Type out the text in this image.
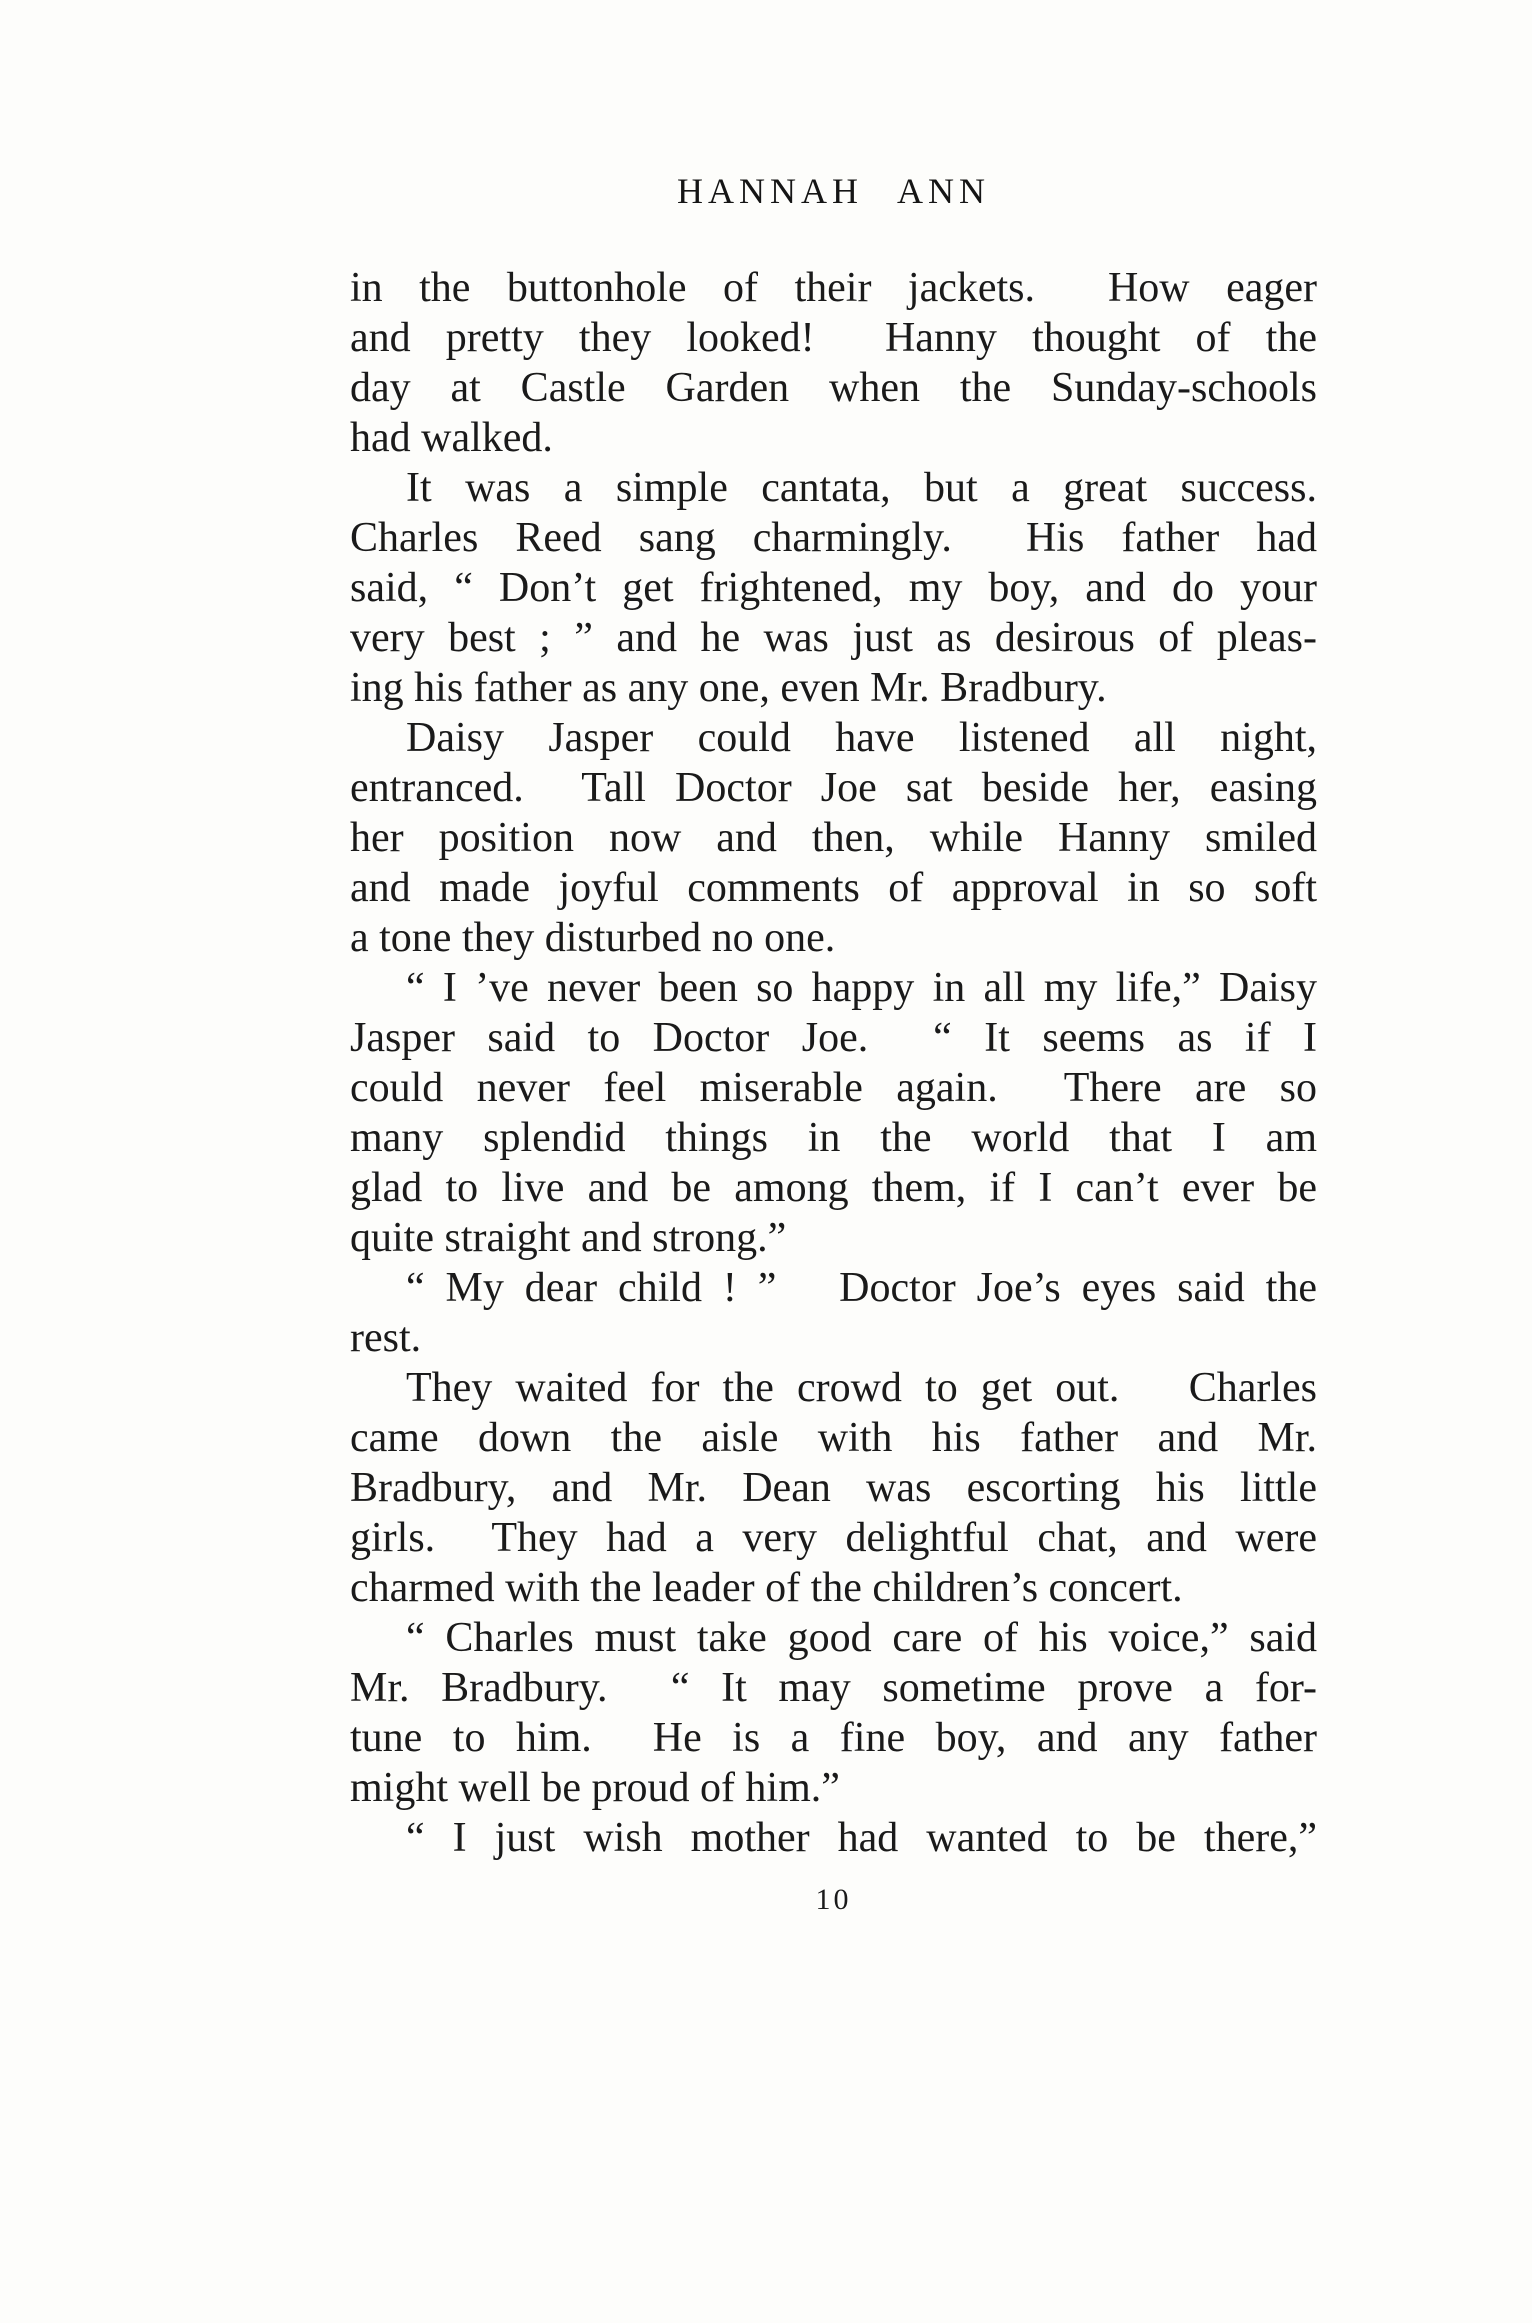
HANNAH ANN
in the buttonhole of their jackets.  How eager
and pretty they looked!  Hanny thought of the
day at Castle Garden when the Sunday-schools
had walked.
It was a simple cantata, but a great success.
Charles Reed sang charmingly.  His father had
said, “ Don’t get frightened, my boy, and do your
very best ; ” and he was just as desirous of pleas-
ing his father as any one, even Mr. Bradbury.
Daisy Jasper could have listened all night,
entranced.  Tall Doctor Joe sat beside her, easing
her position now and then, while Hanny smiled
and made joyful comments of approval in so soft
a tone they disturbed no one.
“ I ’ve never been so happy in all my life,” Daisy
Jasper said to Doctor Joe.  “ It seems as if I
could never feel miserable again.  There are so
many splendid things in the world that I am
glad to live and be among them, if I can’t ever be
quite straight and strong.”
“ My dear child ! ”   Doctor Joe’s eyes said the
rest.
They waited for the crowd to get out.   Charles
came down the aisle with his father and Mr.
Bradbury, and Mr. Dean was escorting his little
girls.  They had a very delightful chat, and were
charmed with the leader of the children’s concert.
“ Charles must take good care of his voice,” said
Mr. Bradbury.  “ It may sometime prove a for-
tune to him.  He is a fine boy, and any father
might well be proud of him.”
“ I just wish mother had wanted to be there,”
10
